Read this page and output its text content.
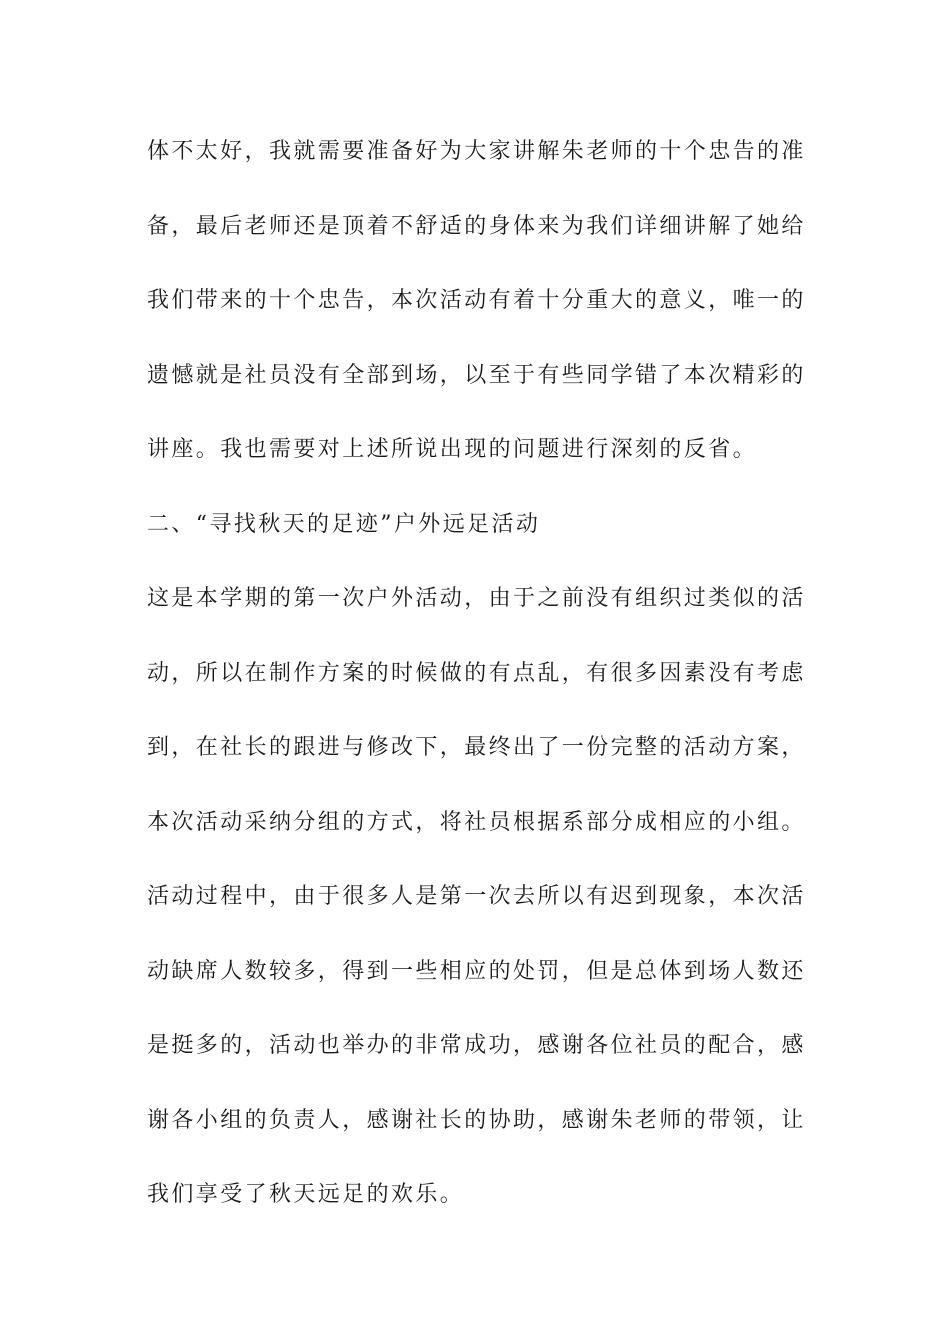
体不太好，我就需要准备好为大家讲解朱老师的十个忠告的准
备，最后老师还是顶着不舒适的身体来为我们详细讲解了她给
我们带来的十个忠告，本次活动有着十分重大的意义，唯一的
遗憾就是社员没有全部到场，以至于有些同学错了本次精彩的
讲座。我也需要对上述所说出现的问题进行深刻的反省。
二、“寻找秋天的足迹”户外远足活动
这是本学期的第一次户外活动，由于之前没有组织过类似的活
动，所以在制作方案的时候做的有点乱，有很多因素没有考虑
到，在社长的跟进与修改下，最终出了一份完整的活动方案，
本次活动采纳分组的方式，将社员根据系部分成相应的小组。
活动过程中，由于很多人是第一次去所以有迟到现象，本次活
动缺席人数较多，得到一些相应的处罚，但是总体到场人数还
是挺多的，活动也举办的非常成功，感谢各位社员的配合，感
谢各小组的负责人，感谢社长的协助，感谢朱老师的带领，让
我们享受了秋天远足的欢乐。
